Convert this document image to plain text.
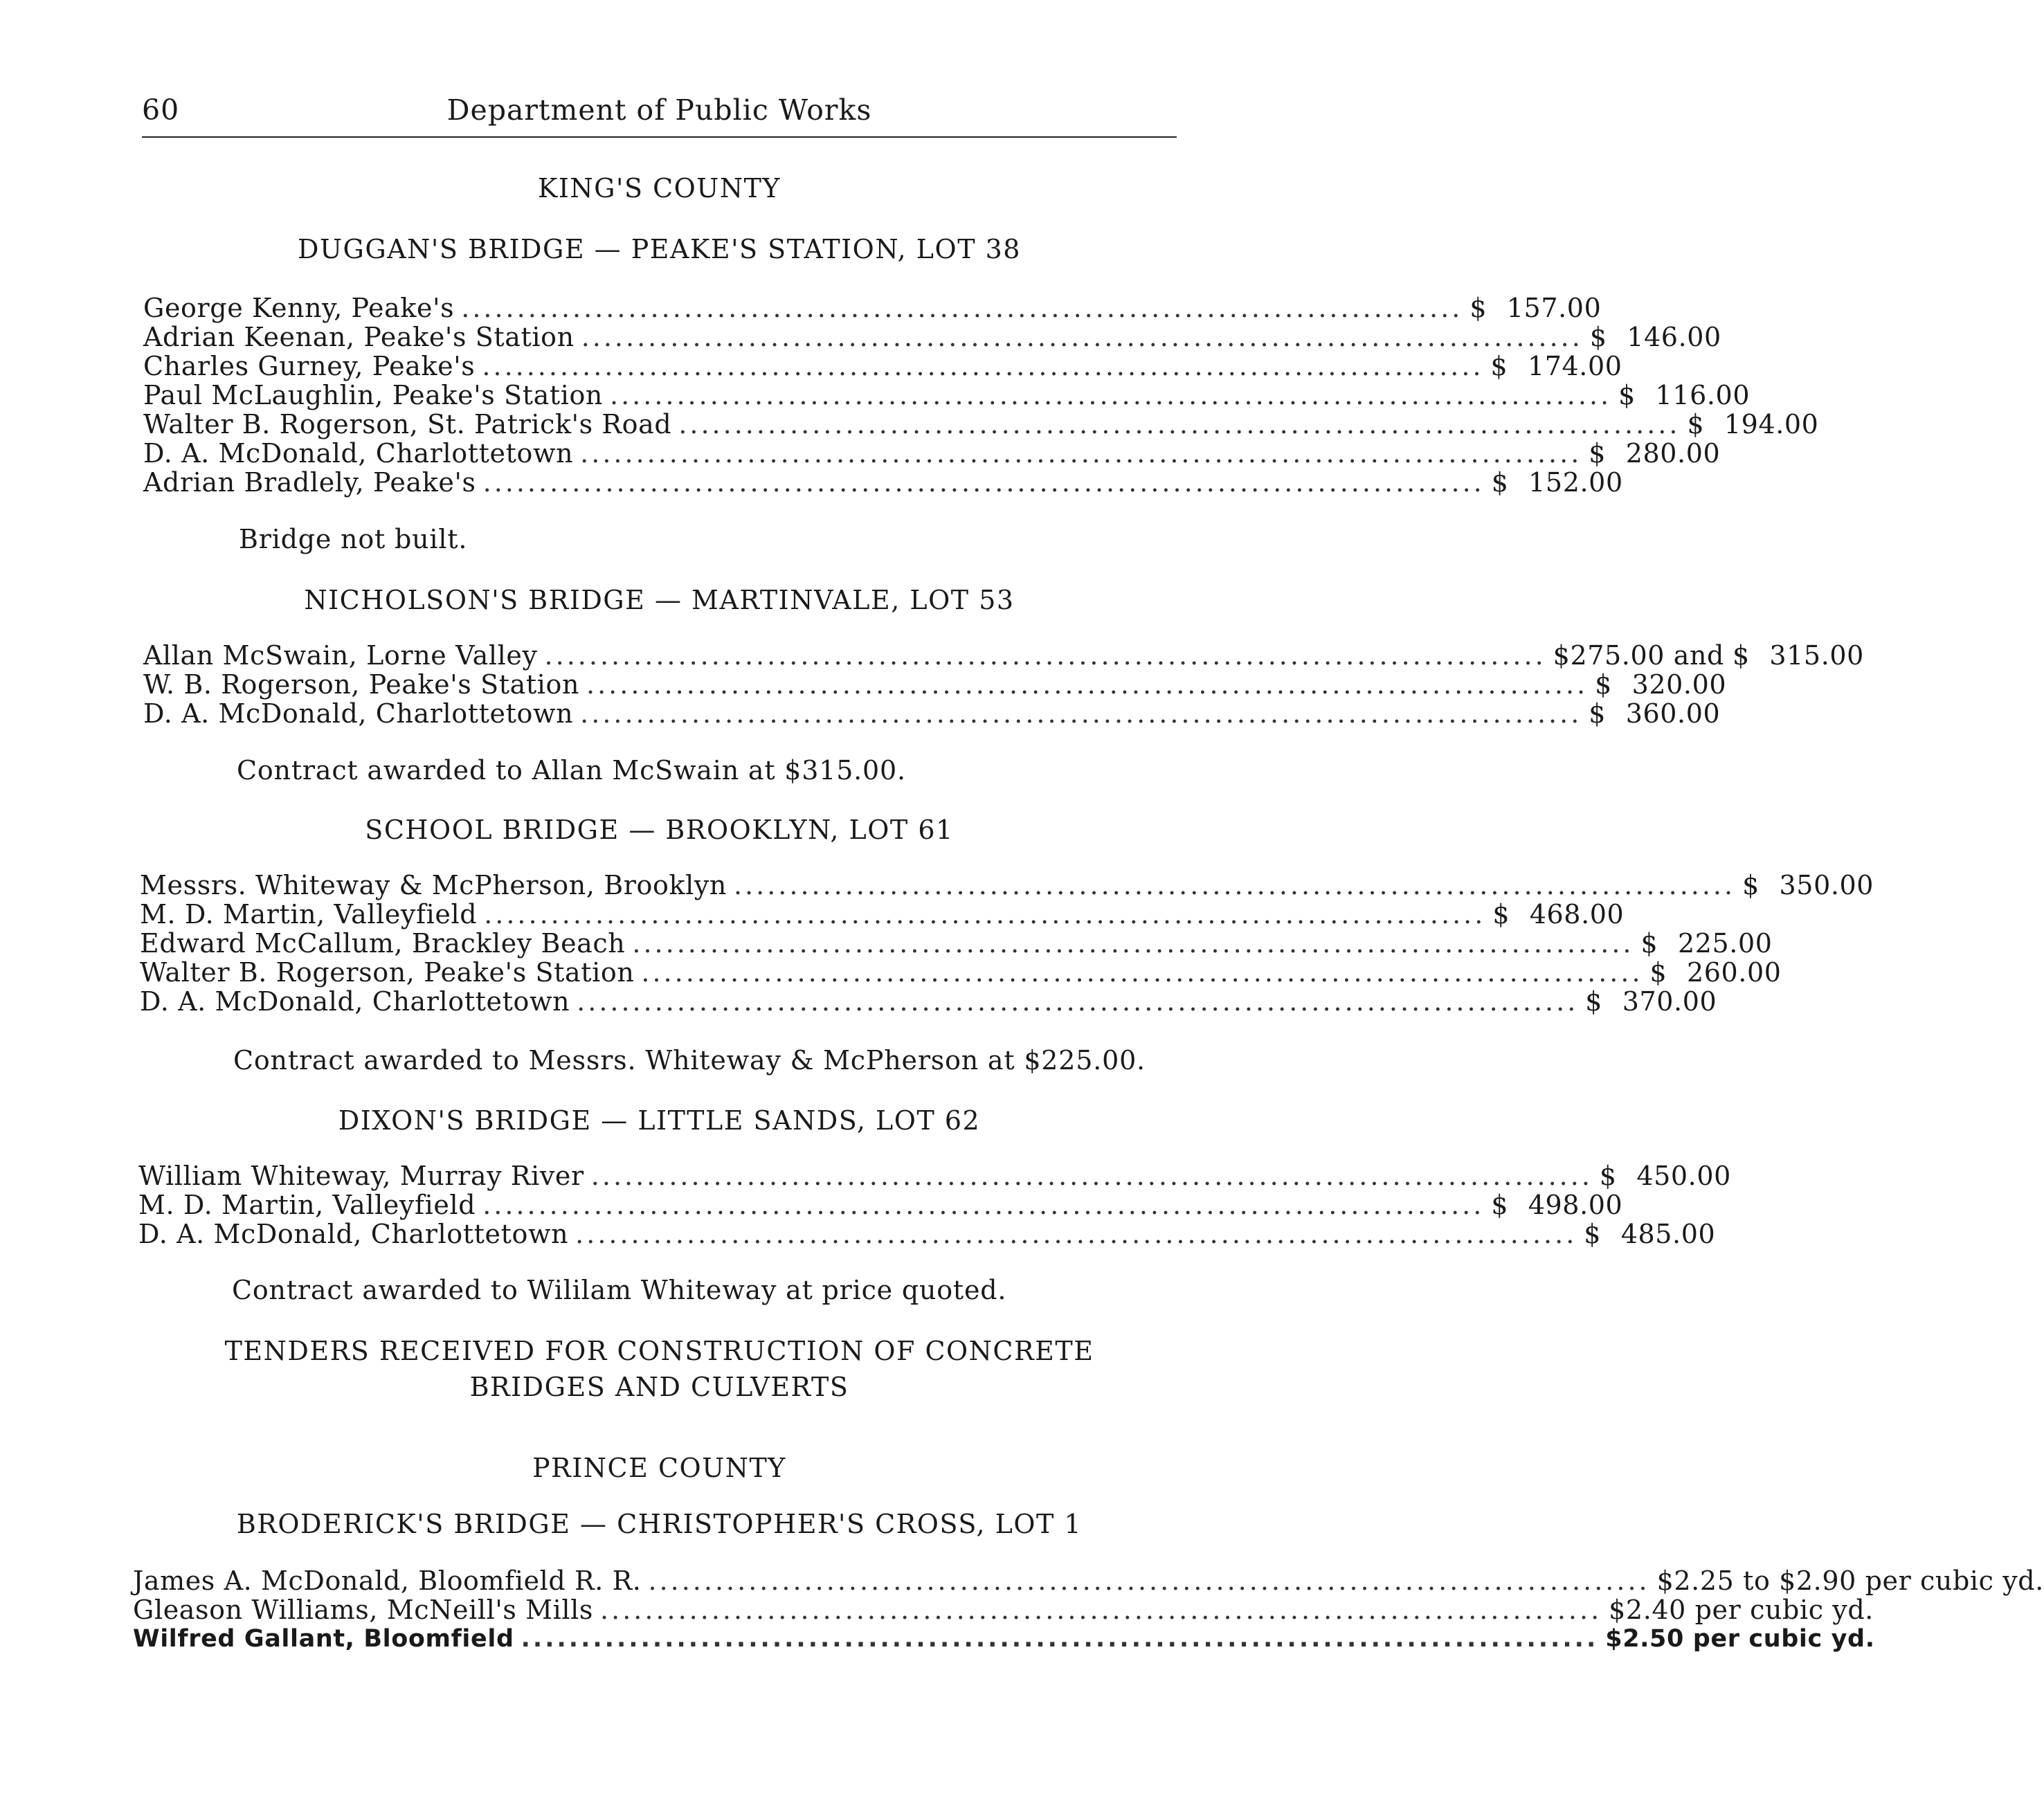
60	Department of Public Works
KING'S COUNTY
DUGGAN'S BRIDGE — PEAKE'S STATION, LOT 38
George Kenny, Peake's .......................................................................................... $ 157.00
Adrian Keenan, Peake's Station .......................................................................................... $ 146.00
Charles Gurney, Peake's .......................................................................................... $ 174.00
Paul McLaughlin, Peake's Station .......................................................................................... $ 116.00
Walter B. Rogerson, St. Patrick's Road .......................................................................................... $ 194.00
D. A. McDonald, Charlottetown .......................................................................................... $ 280.00
Adrian Bradlely, Peake's .......................................................................................... $ 152.00
Bridge not built.
NICHOLSON'S BRIDGE — MARTINVALE, LOT 53
Allan McSwain, Lorne Valley .......................................................................................... $275.00 and $ 315.00
W. B. Rogerson, Peake's Station .......................................................................................... $ 320.00
D. A. McDonald, Charlottetown .......................................................................................... $ 360.00
Contract awarded to Allan McSwain at $315.00.
SCHOOL BRIDGE — BROOKLYN, LOT 61
Messrs. Whiteway & McPherson, Brooklyn .......................................................................................... $ 350.00
M. D. Martin, Valleyfield .......................................................................................... $ 468.00
Edward McCallum, Brackley Beach .......................................................................................... $ 225.00
Walter B. Rogerson, Peake's Station .......................................................................................... $ 260.00
D. A. McDonald, Charlottetown .......................................................................................... $ 370.00
Contract awarded to Messrs. Whiteway & McPherson at $225.00.
DIXON'S BRIDGE — LITTLE SANDS, LOT 62
William Whiteway, Murray River .......................................................................................... $ 450.00
M. D. Martin, Valleyfield .......................................................................................... $ 498.00
D. A. McDonald, Charlottetown .......................................................................................... $ 485.00
Contract awarded to Wililam Whiteway at price quoted.
TENDERS RECEIVED FOR CONSTRUCTION OF CONCRETE
BRIDGES AND CULVERTS
PRINCE COUNTY
BRODERICK'S BRIDGE — CHRISTOPHER'S CROSS, LOT 1
James A. McDonald, Bloomfield R. R. .......................................................................................... $2.25 to $2.90 per cubic yd.
Gleason Williams, McNeill's Mills .......................................................................................... $2.40 per cubic yd.
Wilfred Gallant, Bloomfield .......................................................................................... $2.50 per cubic yd.
